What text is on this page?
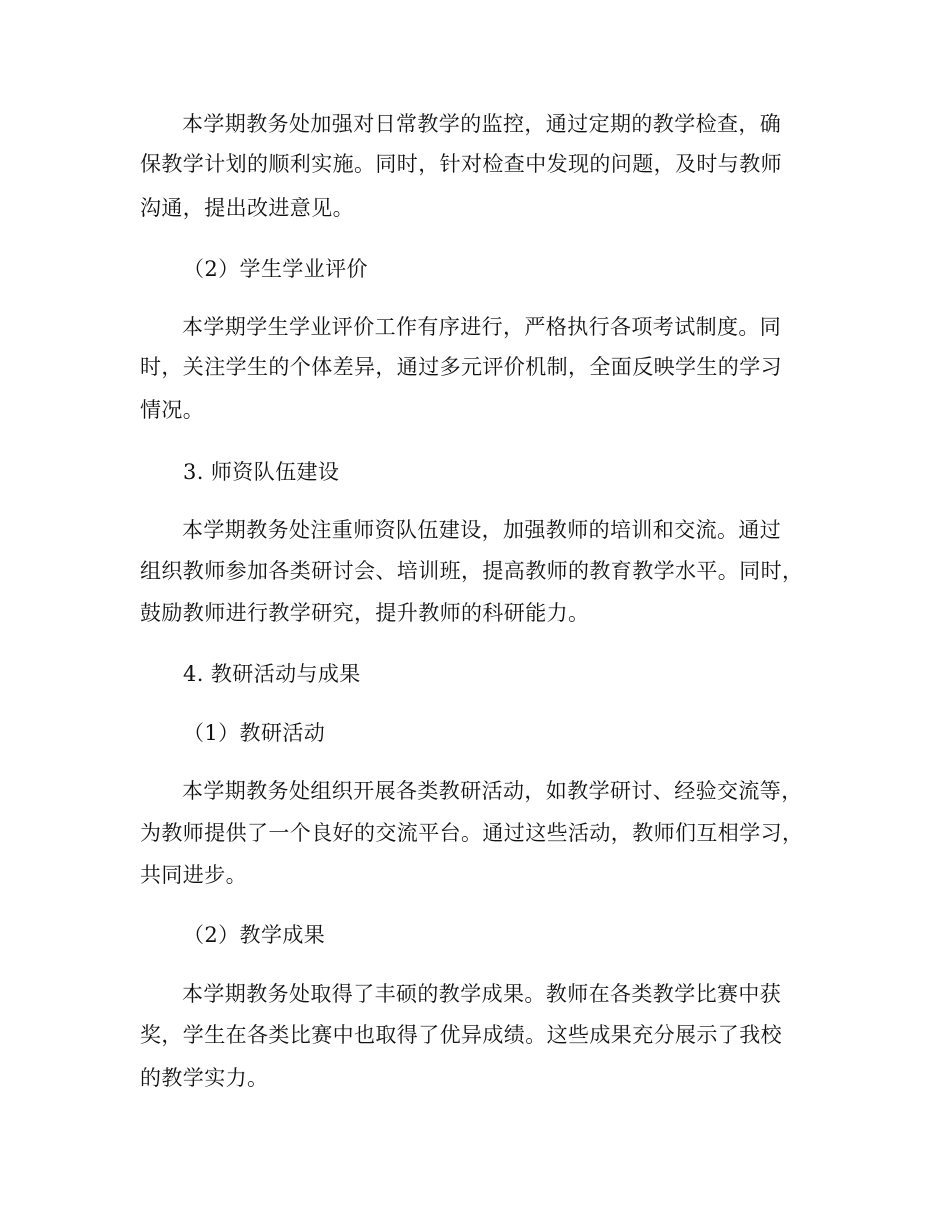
本学期教务处加强对日常教学的监控，通过定期的教学检查，确
保教学计划的顺利实施。同时，针对检查中发现的问题，及时与教师
沟通，提出改进意见。
（2）学生学业评价
本学期学生学业评价工作有序进行，严格执行各项考试制度。同
时，关注学生的个体差异，通过多元评价机制，全面反映学生的学习
情况。
3. 师资队伍建设
本学期教务处注重师资队伍建设，加强教师的培训和交流。通过
组织教师参加各类研讨会、培训班，提高教师的教育教学水平。同时，
鼓励教师进行教学研究，提升教师的科研能力。
4. 教研活动与成果
（1）教研活动
本学期教务处组织开展各类教研活动，如教学研讨、经验交流等，
为教师提供了一个良好的交流平台。通过这些活动，教师们互相学习，
共同进步。
（2）教学成果
本学期教务处取得了丰硕的教学成果。教师在各类教学比赛中获
奖，学生在各类比赛中也取得了优异成绩。这些成果充分展示了我校
的教学实力。
